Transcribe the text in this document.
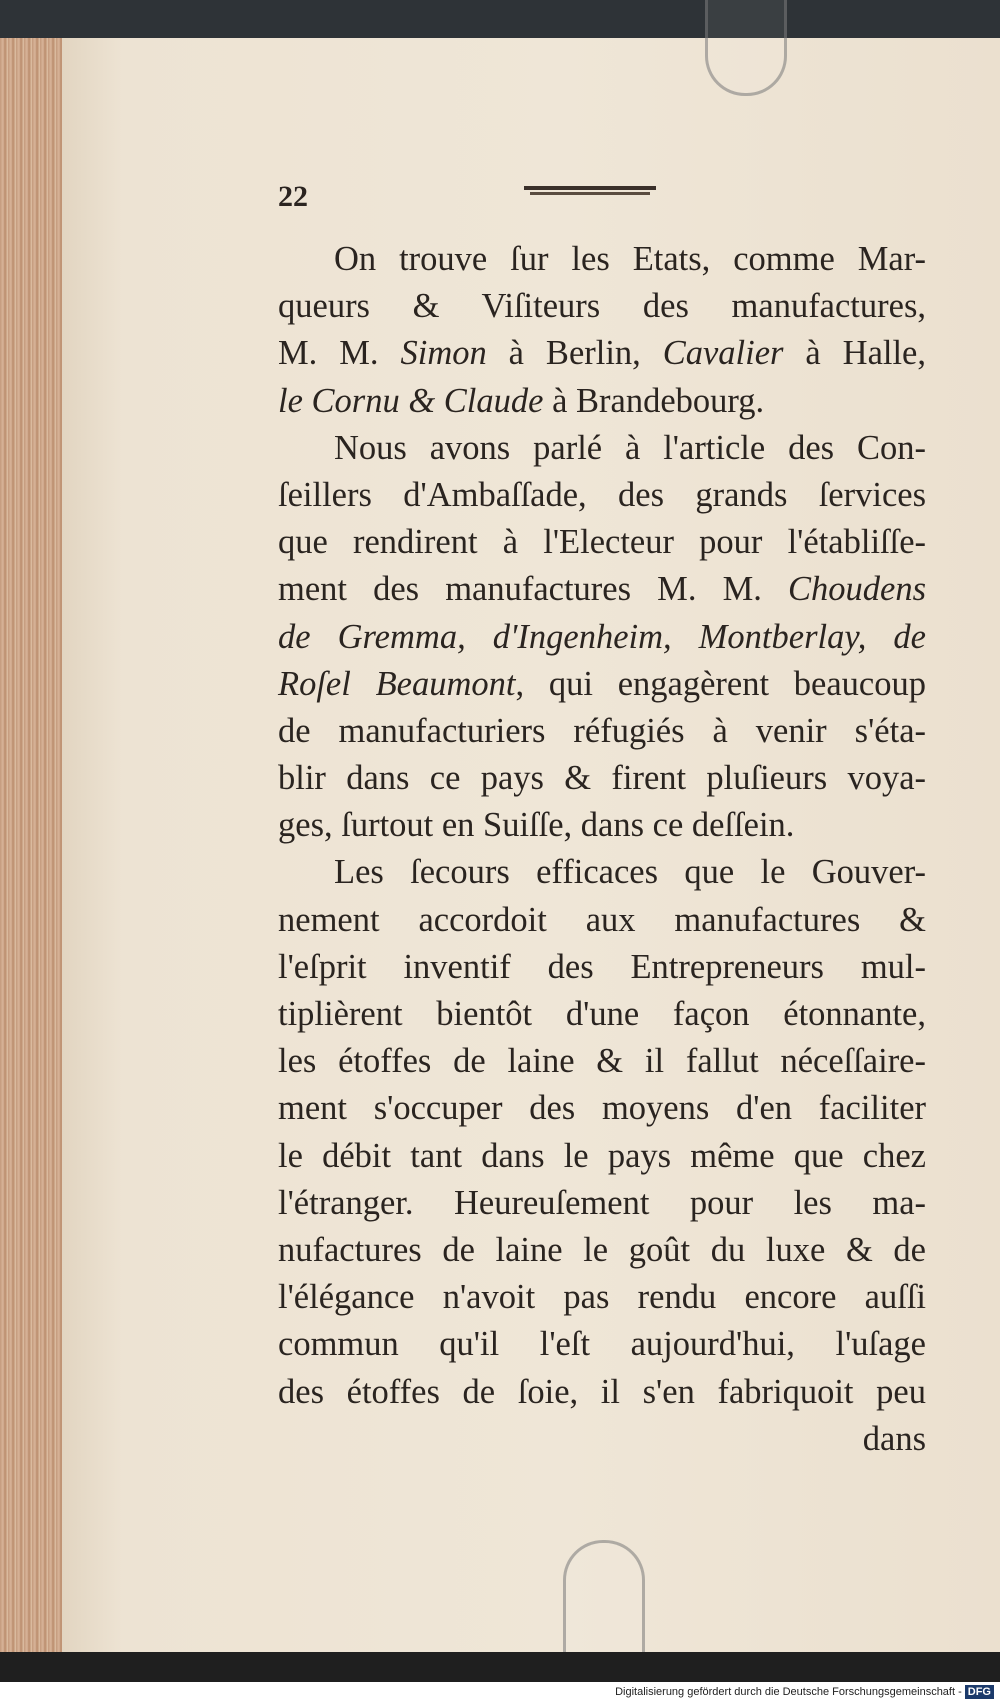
22
On trouve ſur les Etats, comme Mar-
queurs & Viſiteurs des manufactures,
M. M. Simon à Berlin, Cavalier à Halle,
le Cornu & Claude à Brandebourg.
Nous avons parlé à l'article des Con-
ſeillers d'Ambaſſade, des grands ſervices
que rendirent à l'Electeur pour l'établiſſe-
ment des manufactures M. M. Choudens
de Gremma, d'Ingenheim, Montberlay, de
Roſel Beaumont, qui engagèrent beaucoup
de manufacturiers réfugiés à venir s'éta-
blir dans ce pays & firent pluſieurs voya-
ges, ſurtout en Suiſſe, dans ce deſſein.
Les ſecours efficaces que le Gouver-
nement accordoit aux manufactures &
l'eſprit inventif des Entrepreneurs mul-
tiplièrent bientôt d'une façon étonnante,
les étoffes de laine & il fallut néceſſaire-
ment s'occuper des moyens d'en faciliter
le débit tant dans le pays même que chez
l'étranger. Heureuſement pour les ma-
nufactures de laine le goût du luxe & de
l'élégance n'avoit pas rendu encore auſſi
commun qu'il l'eſt aujourd'hui, l'uſage
des étoffes de ſoie, il s'en fabriquoit peu
dans
Digitalisierung gefördert durch die Deutsche Forschungsgemeinschaft - DFG
